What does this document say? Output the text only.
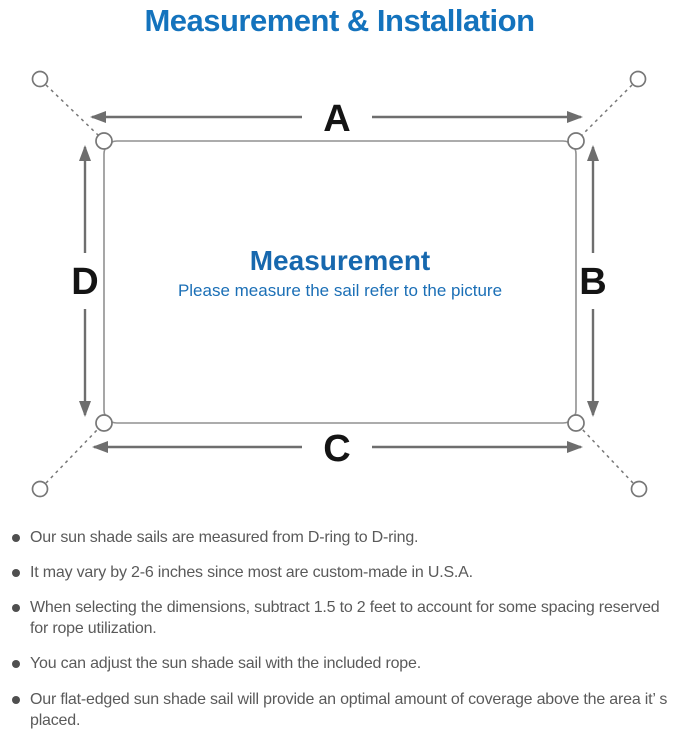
Measurement & Installation
A
C
D	B
Measurement
Please measure the sail refer to the picture

Our sun shade sails are measured from D-ring to D-ring.

It may vary by 2-6 inches since most are custom-made in U.S.A.

When selecting the dimensions, subtract 1.5 to 2 feet to account for some spacing reserved for rope utilization.

You can adjust the sun shade sail with the included rope.

Our flat-edged sun shade sail will provide an optimal amount of coverage above the area it’ s placed.
